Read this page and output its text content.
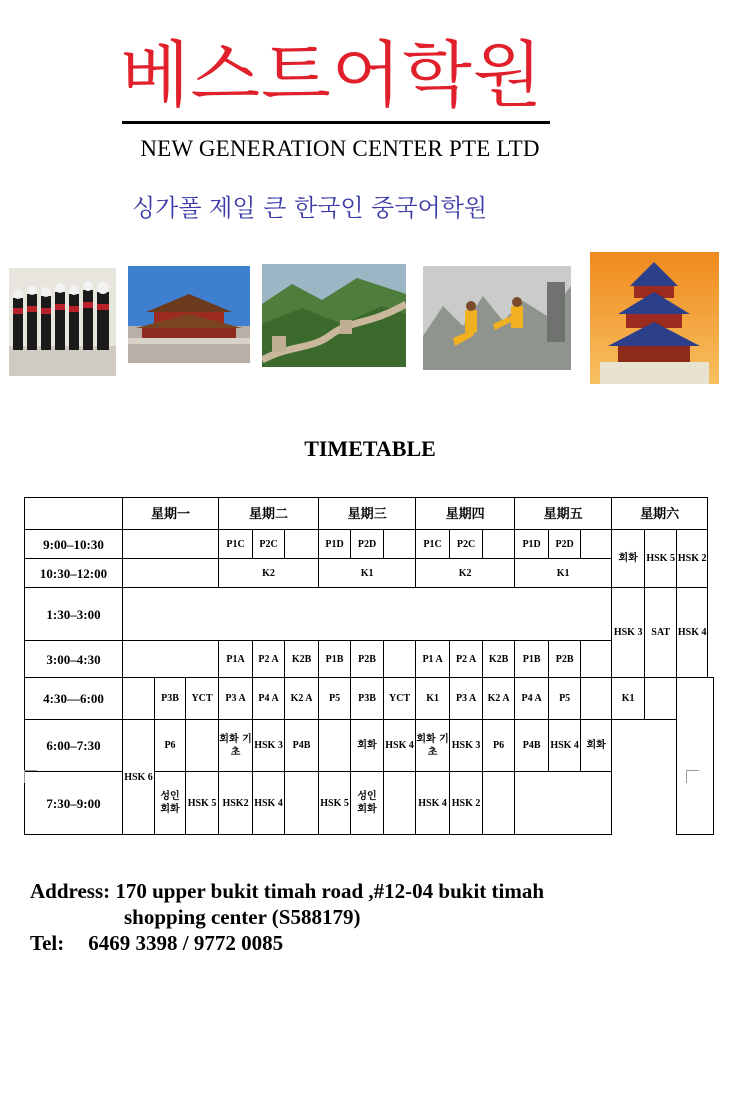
베스트어학원
NEW GENERATION CENTER PTE LTD
싱가폴 제일 큰 한국인 중국어학원
TIMETABLE
	星期一			星期二			星期三			星期四			星期五			星期六		
9:00–10:30				P1C	P2C		P1D	P2D		P1C	P2C		P1D	P2D		회화	HSK 5	HSK 2
10:30–12:00				K2			K1			K2			K1					
1:30–3:00																HSK 3	SAT	HSK 4
3:00–4:30				P1A	P2 A	K2B	P1B	P2B		P1 A	P2 A	K2B	P1B	P2B				
4:30—6:00		P3B	YCT	P3 A	P4 A	K2 A	P5	P3B	YCT	K1	P3 A	K2 A	P4 A	P5		K1		
6:00–7:30	HSK 6	P6		회화 기초	HSK 3	P4B		회화	HSK 4	회화 기초	HSK 3	P6	P4B	HSK 4	회화			
7:30–9:00		성인 회화	HSK 5	HSK2	HSK 4		HSK 5	성인 회화		HSK 4	HSK 2							
Address: 170 upper bukit timah road ,#12-04 bukit timah
shopping center (S588179)
Tel: 6469 3398 / 9772 0085
